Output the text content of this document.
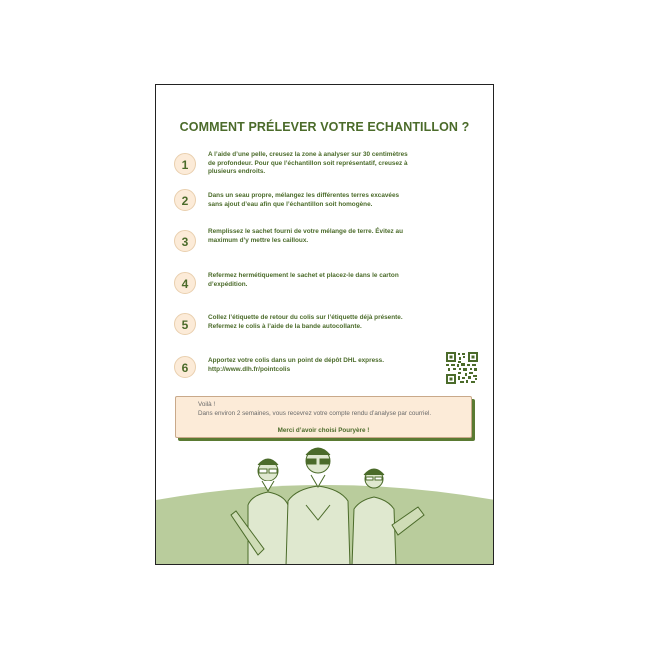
COMMENT PRÉLEVER VOTRE ECHANTILLON ?
1
A l’aide d’une pelle, creusez la zone à analyser sur 30 centimètres
de profondeur. Pour que l’échantillon soit représentatif, creusez à
plusieurs endroits.
2	Dans un seau propre, mélangez les différentes terres excavées
sans ajout d’eau afin que l’échantillon soit homogène.
3
Remplissez le sachet fourni de votre mélange de terre. Évitez au
maximum d’y mettre les cailloux.
4
Refermez hermétiquement le sachet et placez-le dans le carton
d’expédition.
5
Collez l’étiquette de retour du colis sur l’étiquette déjà présente.
Refermez le colis à l’aide de la bande autocollante.
6
Apportez votre colis dans un point de dépôt DHL express.
http://www.dlh.fr/pointcolis
Voilà !
Dans environ 2 semaines, vous recevrez votre compte rendu d’analyse par courriel.
Merci d’avoir choisi Pouryère !
